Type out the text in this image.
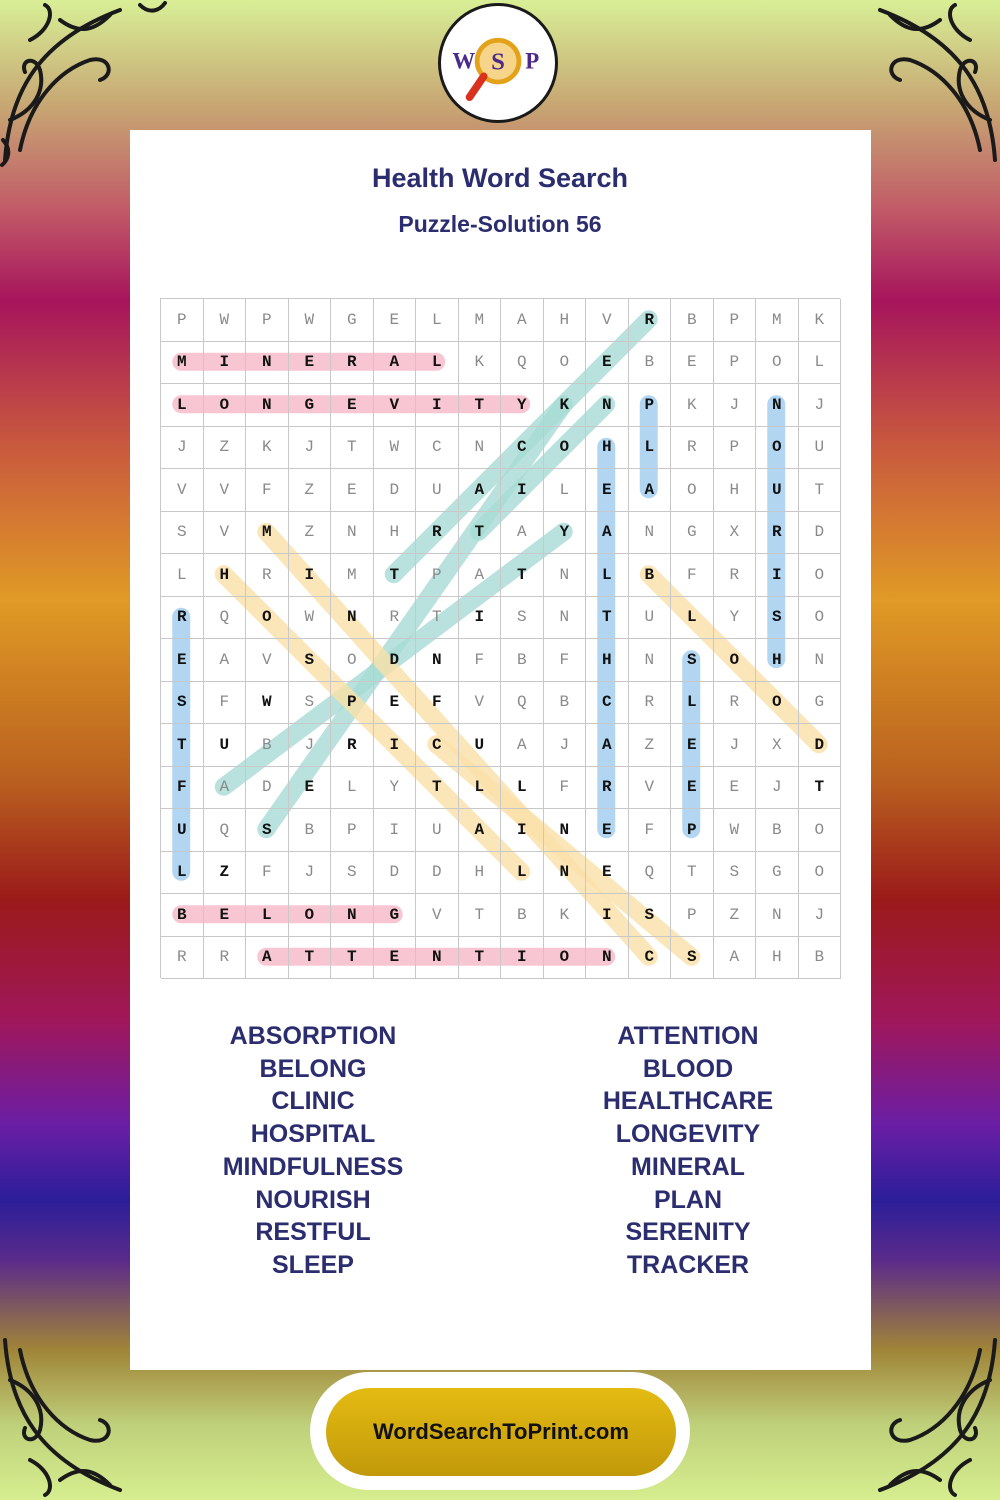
W S P
Health Word Search
Puzzle-Solution 56
P	W	P	W	G	E	L	M	A	H	V	R	B	P	M	K
M	I	N	E	R	A	L	K	Q	O	E	B	E	P	O	L
L	O	N	G	E	V	I	T	Y	K	N	P	K	J	N	J
J	Z	K	J	T	W	C	N	C	O	H	L	R	P	O	U
V	V	F	Z	E	D	U	A	I	L	E	A	O	H	U	T
S	V	M	Z	N	H	R	T	A	Y	A	N	G	X	R	D
L	H	R	I	M	T	P	A	T	N	L	B	F	R	I	O
R	Q	O	W	N	R	T	I	S	N	T	U	L	Y	S	O
E	A	V	S	O	D	N	F	B	F	H	N	S	O	H	N
S	F	W	S	P	E	F	V	Q	B	C	R	L	R	O	G
T	U	B	J	R	I	C	U	A	J	A	Z	E	J	X	D
F	A	D	E	L	Y	T	L	L	F	R	V	E	E	J	T
U	Q	S	B	P	I	U	A	I	N	E	F	P	W	B	O
L	Z	F	J	S	D	D	H	L	N	E	Q	T	S	G	O
B	E	L	O	N	G	V	T	B	K	I	S	P	Z	N	J
R	R	A	T	T	E	N	T	I	O	N	C	S	A	H	B
ABSORPTION
BELONG
CLINIC
HOSPITAL
MINDFULNESS
NOURISH
RESTFUL
SLEEP
ATTENTION
BLOOD
HEALTHCARE
LONGEVITY
MINERAL
PLAN
SERENITY
TRACKER
WordSearchToPrint.com
